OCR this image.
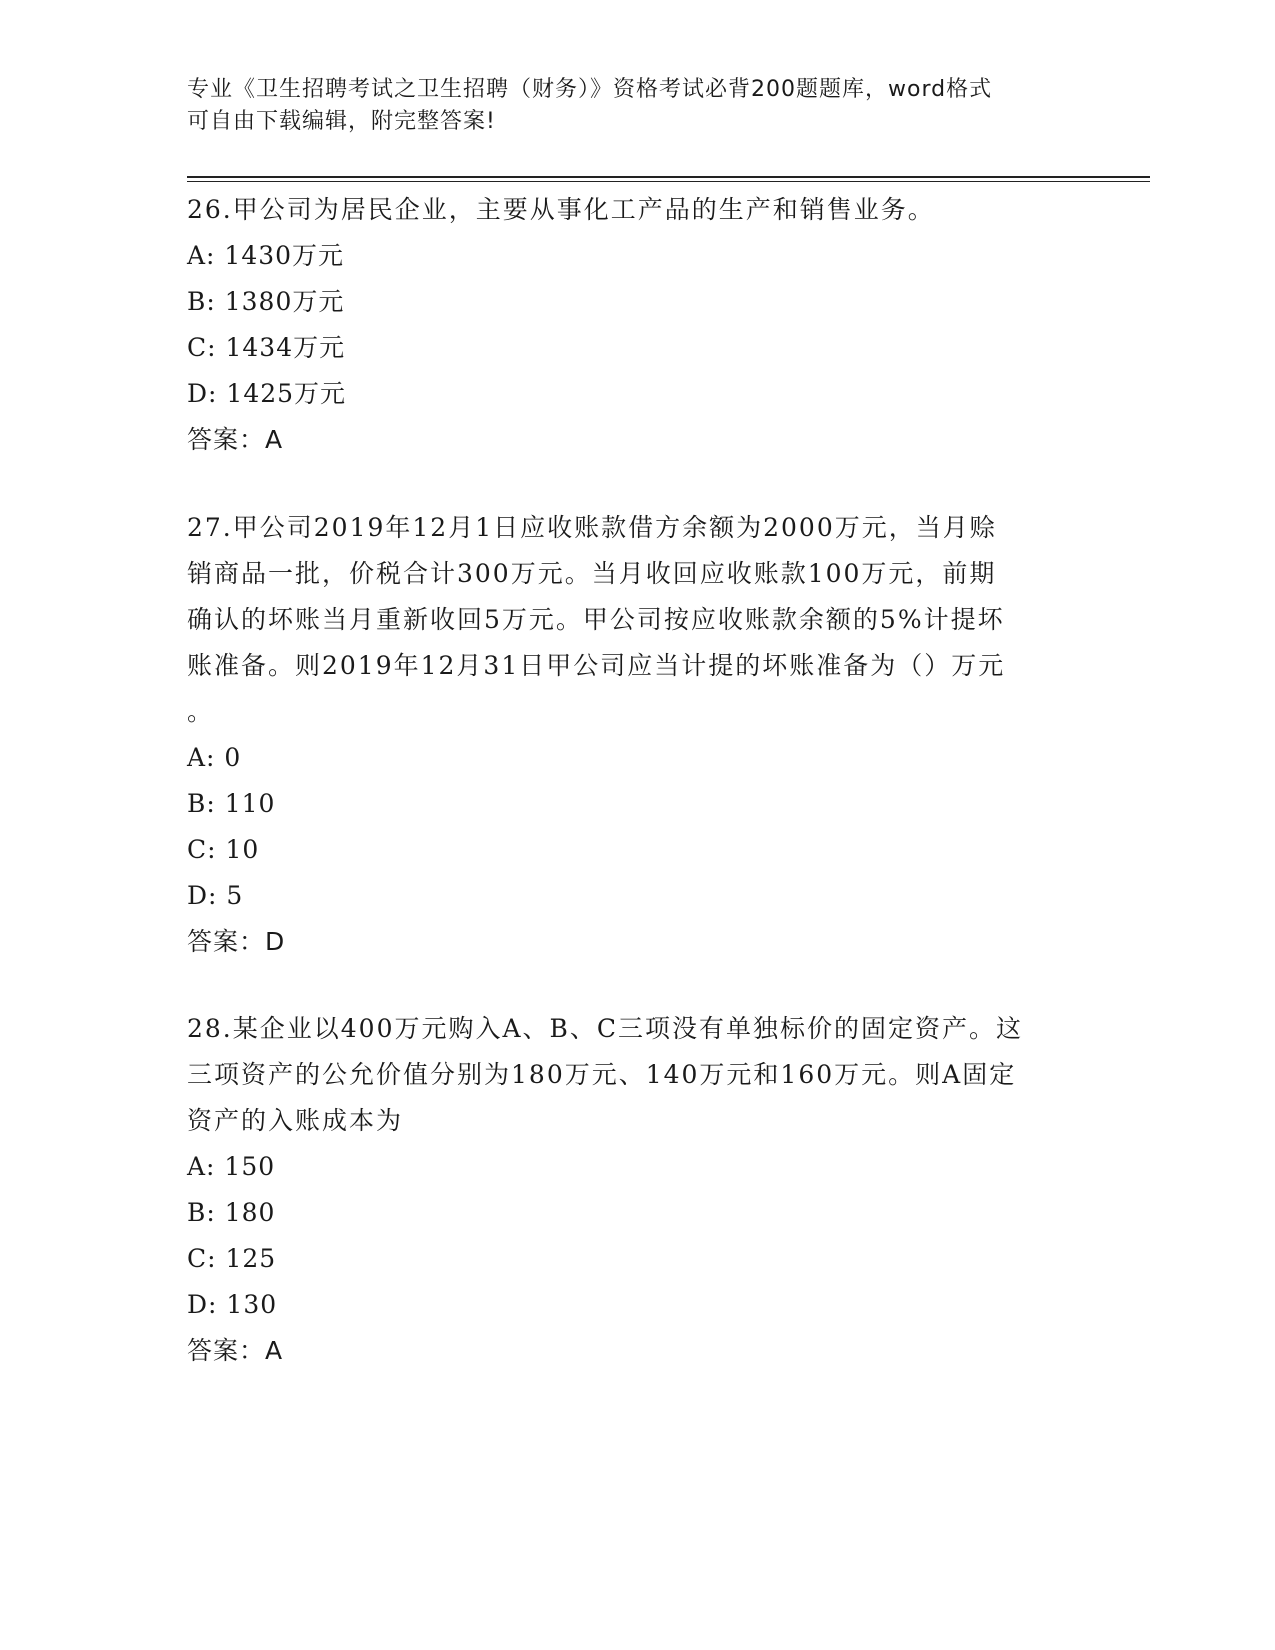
专业《卫生招聘考试之卫生招聘（财务）》资格考试必背200题题库，word格式
可自由下载编辑，附完整答案!

26.甲公司为居民企业，主要从事化工产品的生产和销售业务。

A: 1430万元

B: 1380万元

C: 1434万元

D: 1425万元

答案：A

27.甲公司2019年12月1日应收账款借方余额为2000万元，当月赊

销商品一批，价税合计300万元。当月收回应收账款100万元，前期

确认的坏账当月重新收回5万元。甲公司按应收账款余额的5%计提坏

账准备。则2019年12月31日甲公司应当计提的坏账准备为（）万元

。

A: 0

B: 110

C: 10

D: 5

答案：D

28.某企业以400万元购入A、B、C三项没有单独标价的固定资产。这

三项资产的公允价值分别为180万元、140万元和160万元。则A固定

资产的入账成本为

A: 150

B: 180

C: 125

D: 130

答案：A
